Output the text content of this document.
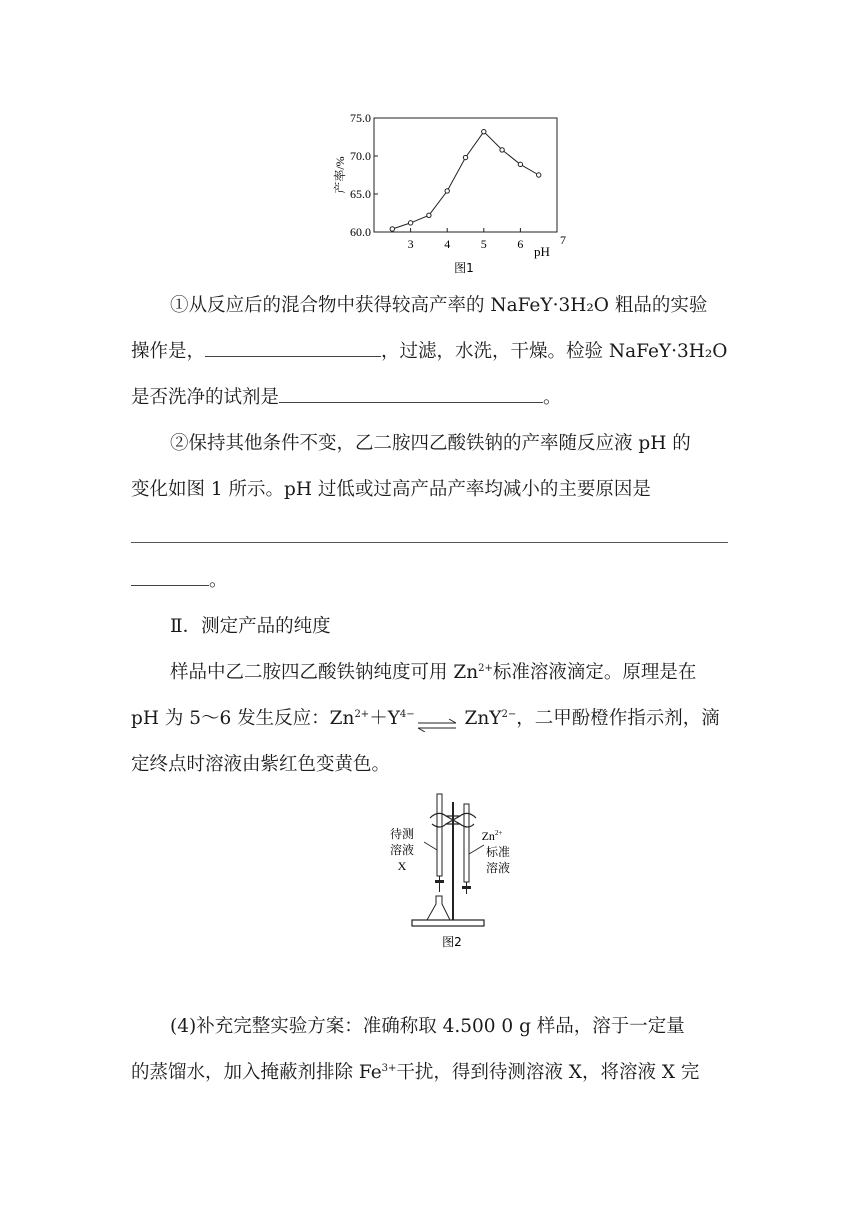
60.0
65.0
70.0
75.0
3	4	5	6	7
产率/%
pH
图1
①从反应后的混合物中获得较高产率的 NaFeY·3H₂O 粗品的实验
操作是，	，过滤，水洗，干燥。检验 NaFeY·3H₂O
是否洗净的试剂是	。
②保持其他条件不变，乙二胺四乙酸铁钠的产率随反应液 pH 的
变化如图 1 所示。pH 过低或过高产品产率均减小的主要原因是
。
Ⅱ．测定产品的纯度
样品中乙二胺四乙酸铁钠纯度可用 $Zn^{2+}$标准溶液滴定。原理是在
pH 为 5～6 发生反应：$Zn^{2+}+Y^{4-}\rightleftharpoons$ ZnY$^{2-}$，二甲酚橙作指示剂，滴
定终点时溶液由紫红色变黄色。
待测
溶液
X
$Zn^{2+}$
标准
溶液
图2
(4)补充完整实验方案：准确称取 4.500 0 g 样品，溶于一定量
的蒸馏水，加入掩蔽剂排除 $Fe^{3+}$干扰，得到待测溶液 X，将溶液 X 完
